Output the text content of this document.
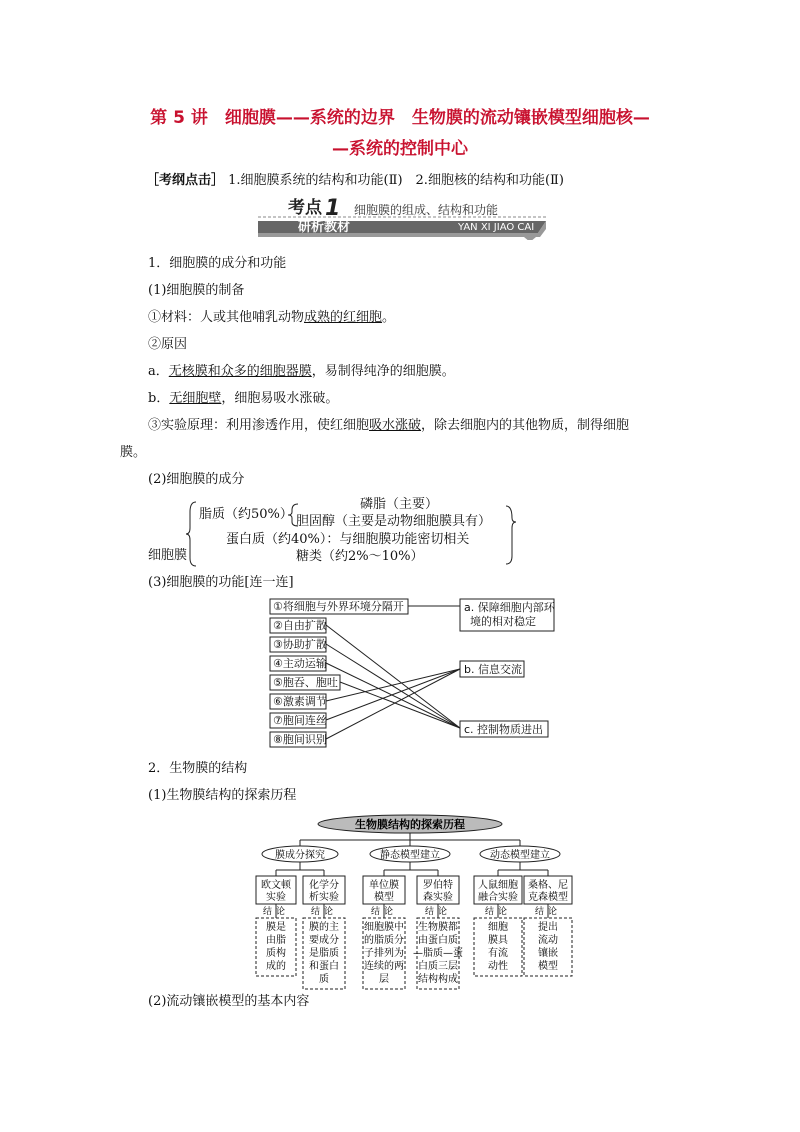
第 5 讲　细胞膜——系统的边界　生物膜的流动镶嵌模型细胞核—
—系统的控制中心
［考纲点击］ 1.细胞膜系统的结构和功能(Ⅱ)　2.细胞核的结构和功能(Ⅱ)
考点 1 细胞膜的组成、结构和功能
研析教材	YAN XI JIAO CAI
1．细胞膜的成分和功能
(1)细胞膜的制备
①材料：人或其他哺乳动物成熟的红细胞。
②原因
a．无核膜和众多的细胞器膜，易制得纯净的细胞膜。
b．无细胞壁，细胞易吸水涨破。
③实验原理：利用渗透作用，使红细胞吸水涨破，除去细胞内的其他物质，制得细胞
膜。
(2)细胞膜的成分
细胞膜
脂质（约50%）
磷脂（主要）
胆固醇（主要是动物细胞膜具有）
蛋白质（约40%）：与细胞膜功能密切相关
糖类（约2%～10%）
(3)细胞膜的功能[连一连]
①将细胞与外界环境分隔开
②自由扩散
③协助扩散
④主动运输
⑤胞吞、胞吐
⑥激素调节
⑦胞间连丝
⑧胞间识别
a. 保障细胞内部环
境的相对稳定
b. 信息交流
c. 控制物质进出
2．生物膜的结构
(1)生物膜结构的探索历程
生物膜结构的探索历程
膜成分探究	静态模型建立	动态模型建立
欧文顿
实验
结论
膜是
由脂
质构
成的
化学分
析实验
结论
膜的主
要成分
是脂质
和蛋白
质
单位膜
模型
结论
细胞膜中
的脂质分
子排列为
连续的两
层
罗伯特
森实验
结论
生物膜都
由蛋白质
—脂质—蛋
白质三层
结构构成
人鼠细胞
融合实验
结论
细胞
膜具
有流
动性
桑格、尼
克森模型
结论
提出
流动
镶嵌
模型
(2)流动镶嵌模型的基本内容
